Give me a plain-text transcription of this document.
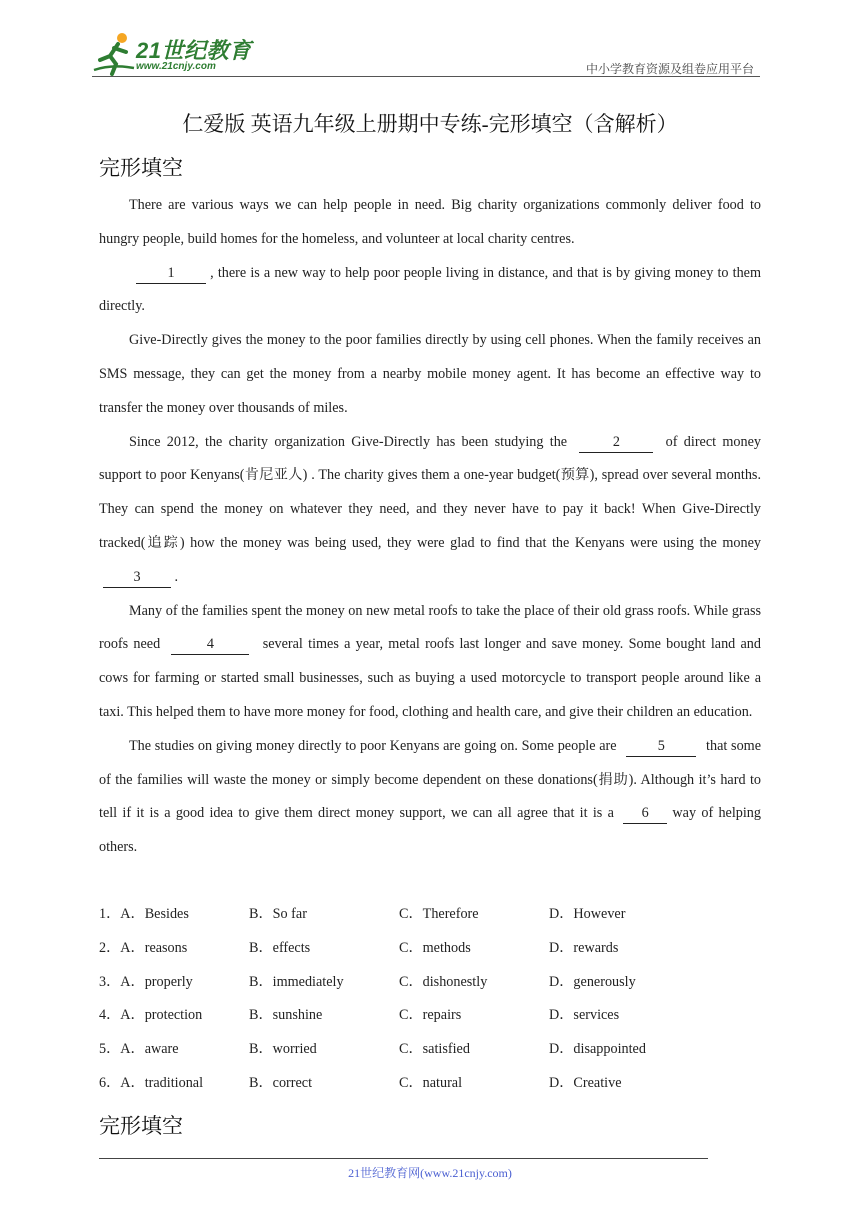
21世纪教育
www.21cnjy.com	中小学教育资源及组卷应用平台
仁爱版 英语九年级上册期中专练-完形填空（含解析）
完形填空

There are various ways we can help people in need. Big charity organizations commonly deliver food to hungry people, build homes for the homeless, and volunteer at local charity centres.

1 , there is a new way to help poor people living in distance, and that is by giving money to them directly.

Give-Directly gives the money to the poor families directly by using cell phones. When the family receives an SMS message, they can get the money from a nearby mobile money agent. It has become an effective way to transfer the money over thousands of miles.

Since 2012, the charity organization Give-Directly has been studying the	2	of direct money support to poor Kenyans(肯尼亚人) . The charity gives them a one-year budget(预算), spread over several months. They can spend the money on whatever they need, and they never have to pay it back! When Give-Directly tracked(追踪) how the money was being used, they were glad to find that the Kenyans were using the money 3 .

Many of the families spent the money on new metal roofs to take the place of their old grass roofs. While grass roofs need	4	several times a year, metal roofs last longer and save money. Some bought land and cows for farming or started small businesses, such as buying a used motorcycle to transport people around like a taxi. This helped them to have more money for food, clothing and health care, and give their children an education.

The studies on giving money directly to poor Kenyans are going on. Some people are	5	that some of the families will waste the money or simply become dependent on these donations(捐助). Although it’s hard to tell if it is a good idea to give them direct money support, we can all agree that it is a 6 way of helping others.

1．A．Besides	B．So far	C．Therefore	D．However
2．A．reasons	B．effects	C．methods	D．rewards
3．A．properly	B．immediately	C．dishonestly	D．generously
4．A．protection	B．sunshine	C．repairs	D．services
5．A．aware	B．worried	C．satisfied	D．disappointed
6．A．traditional	B．correct	C．natural	D．Creative
完形填空
21世纪教育网(www.21cnjy.com)
